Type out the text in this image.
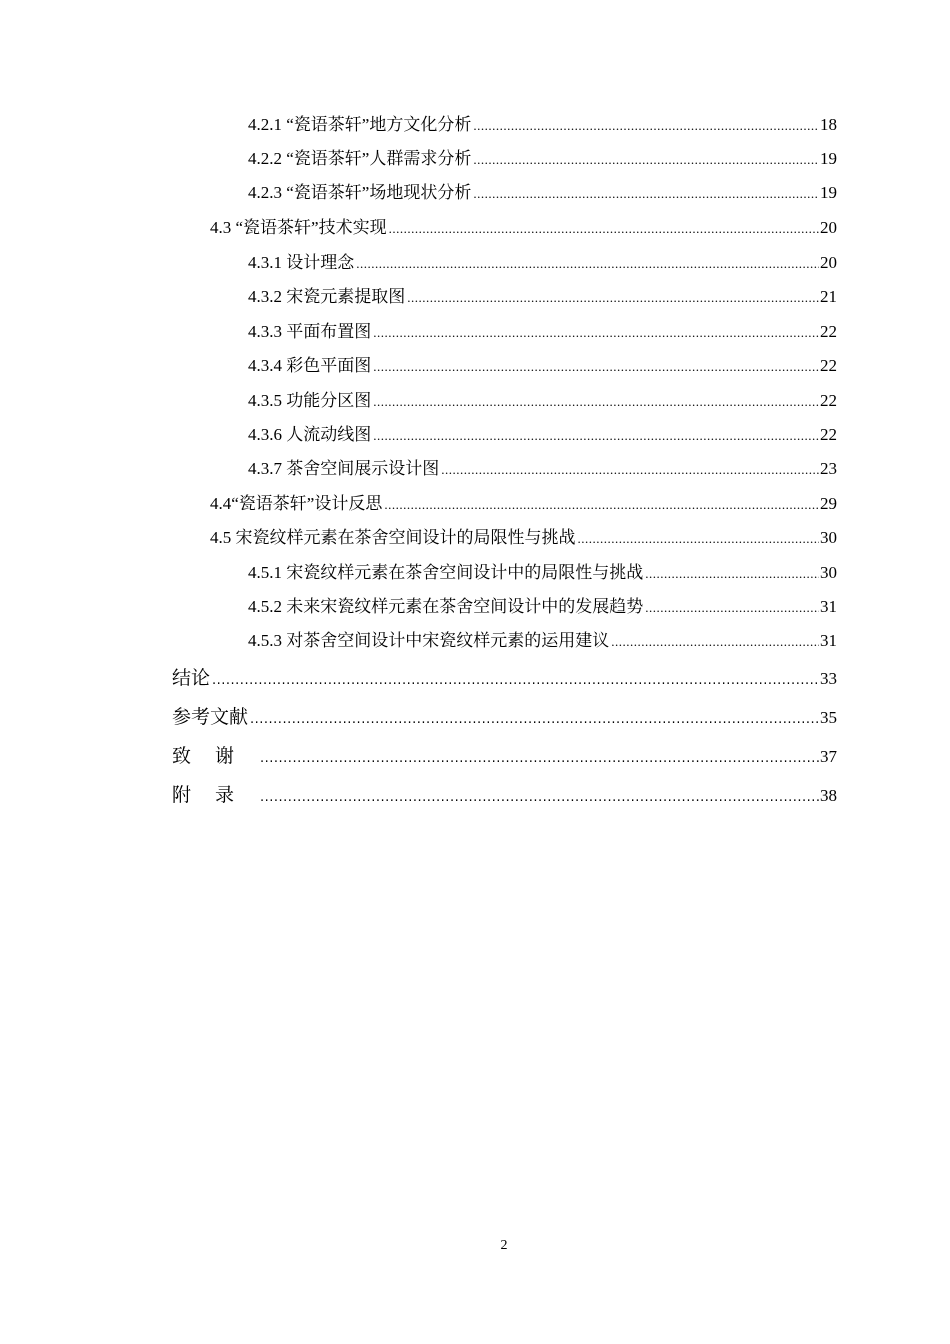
4.2.1 “瓷语茶轩”地方文化分析 .....	18
4.2.2 “瓷语茶轩”人群需求分析 .....	19
4.2.3 “瓷语茶轩”场地现状分析 .....	19
4.3 “瓷语茶轩”技术实现 .....	20
4.3.1 设计理念 .....	20
4.3.2 宋瓷元素提取图 .....	21
4.3.3 平面布置图 .....	22
4.3.4 彩色平面图 .....	22
4.3.5 功能分区图 .....	22
4.3.6 人流动线图 .....	22
4.3.7 茶舍空间展示设计图 .....	23
4.4“瓷语茶轩”设计反思 .....	29
4.5 宋瓷纹样元素在茶舍空间设计的局限性与挑战 .....	30
4.5.1 宋瓷纹样元素在茶舍空间设计中的局限性与挑战 .....	30
4.5.2 未来宋瓷纹样元素在茶舍空间设计中的发展趋势 .....	31
4.5.3 对茶舍空间设计中宋瓷纹样元素的运用建议 .....	31
结论 .....	33
参考文献 .....	35
致谢 .....	37
附录 .....	38
2
